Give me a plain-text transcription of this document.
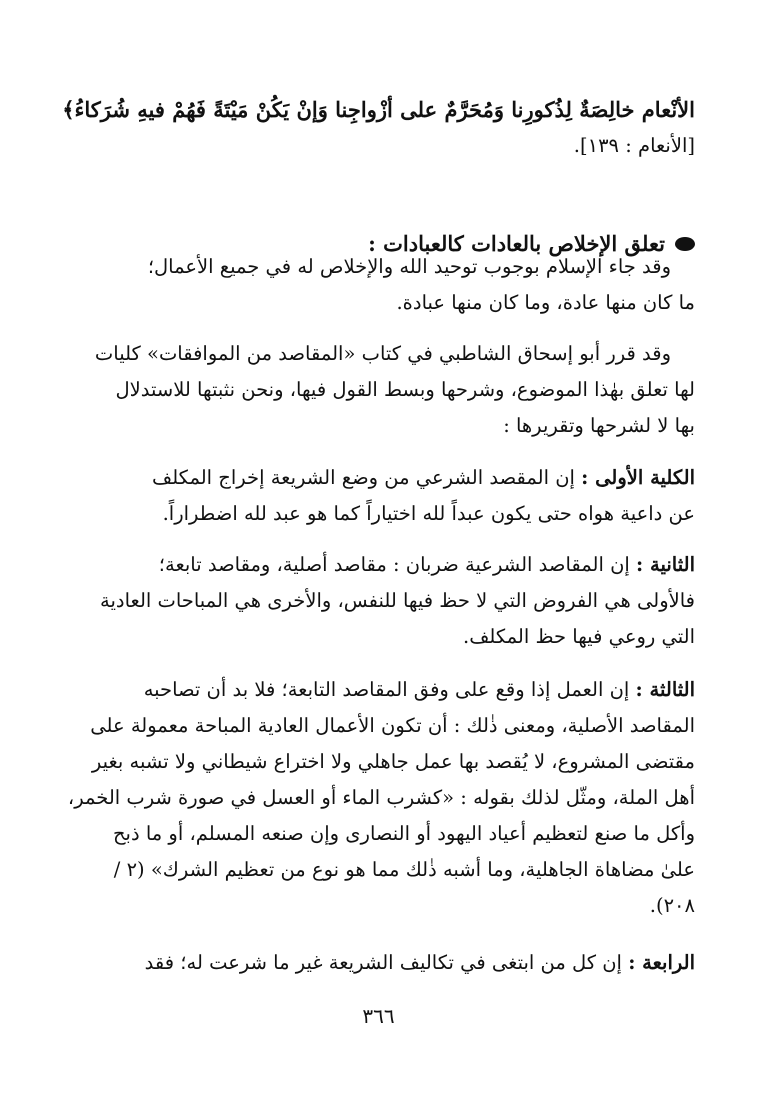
الأنْعام خالِصَةٌ لِذُكورِنا وَمُحَرَّمٌ على أزْواجِنا وَإنْ يَكُنْ مَيْتَةً فَهُمْ فيهِ شُرَكاءُ﴾
[الأنعام : ١٣٩].
تعلق الإخلاص بالعادات كالعبادات :
وقد جاء الإسلام بوجوب توحيد الله والإخلاص له في جميع الأعمال؛
ما كان منها عادة، وما كان منها عبادة.
وقد قرر أبو إسحاق الشاطبي في كتاب «المقاصد من الموافقات» كليات
لها تعلق بهٰذا الموضوع، وشرحها وبسط القول فيها، ونحن نثبتها للاستدلال
بها لا لشرحها وتقريرها :
الكلية الأولى : إن المقصد الشرعي من وضع الشريعة إخراج المكلف
عن داعية هواه حتى يكون عبداً لله اختياراً كما هو عبد لله اضطراراً.
الثانية : إن المقاصد الشرعية ضربان : مقاصد أصلية، ومقاصد تابعة؛
فالأولى هي الفروض التي لا حظ فيها للنفس، والأخرى هي المباحات العادية
التي روعي فيها حظ المكلف.
الثالثة : إن العمل إذا وقع على وفق المقاصد التابعة؛ فلا بد أن تصاحبه
المقاصد الأصلية، ومعنى ذٰلك : أن تكون الأعمال العادية المباحة معمولة على
مقتضى المشروع، لا يُقصد بها عمل جاهلي ولا اختراع شيطاني ولا تشبه بغير
أهل الملة، ومثّل لذلك بقوله : «كشرب الماء أو العسل في صورة شرب الخمر،
وأكل ما صنع لتعظيم أعياد اليهود أو النصارى وإن صنعه المسلم، أو ما ذبح
علىٰ مضاهاة الجاهلية، وما أشبه ذٰلك مما هو نوع من تعظيم الشرك» (٢ /
٢٠٨).
الرابعة : إن كل من ابتغى في تكاليف الشريعة غير ما شرعت له؛ فقد
٣٦٦
